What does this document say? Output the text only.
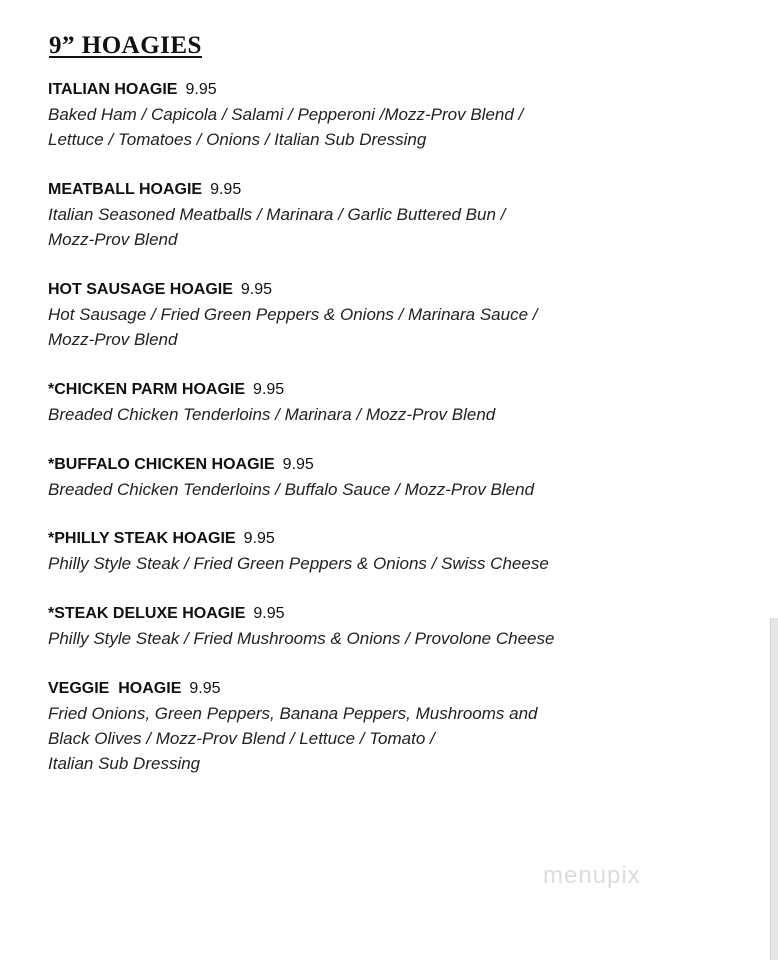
9” HOAGIES
ITALIAN HOAGIE 9.95
Baked Ham / Capicola / Salami / Pepperoni /Mozz-Prov Blend /
Lettuce / Tomatoes / Onions / Italian Sub Dressing
MEATBALL HOAGIE 9.95
Italian Seasoned Meatballs / Marinara / Garlic Buttered Bun /
Mozz-Prov Blend
HOT SAUSAGE HOAGIE 9.95
Hot Sausage / Fried Green Peppers & Onions / Marinara Sauce /
Mozz-Prov Blend
*CHICKEN PARM HOAGIE 9.95
Breaded Chicken Tenderloins / Marinara / Mozz-Prov Blend
*BUFFALO CHICKEN HOAGIE 9.95
Breaded Chicken Tenderloins / Buffalo Sauce / Mozz-Prov Blend
*PHILLY STEAK HOAGIE 9.95
Philly Style Steak / Fried Green Peppers & Onions / Swiss Cheese
*STEAK DELUXE HOAGIE 9.95
Philly Style Steak / Fried Mushrooms & Onions / Provolone Cheese
VEGGIE  HOAGIE 9.95
Fried Onions, Green Peppers, Banana Peppers, Mushrooms and
Black Olives / Mozz-Prov Blend / Lettuce / Tomato /
Italian Sub Dressing
menupix
